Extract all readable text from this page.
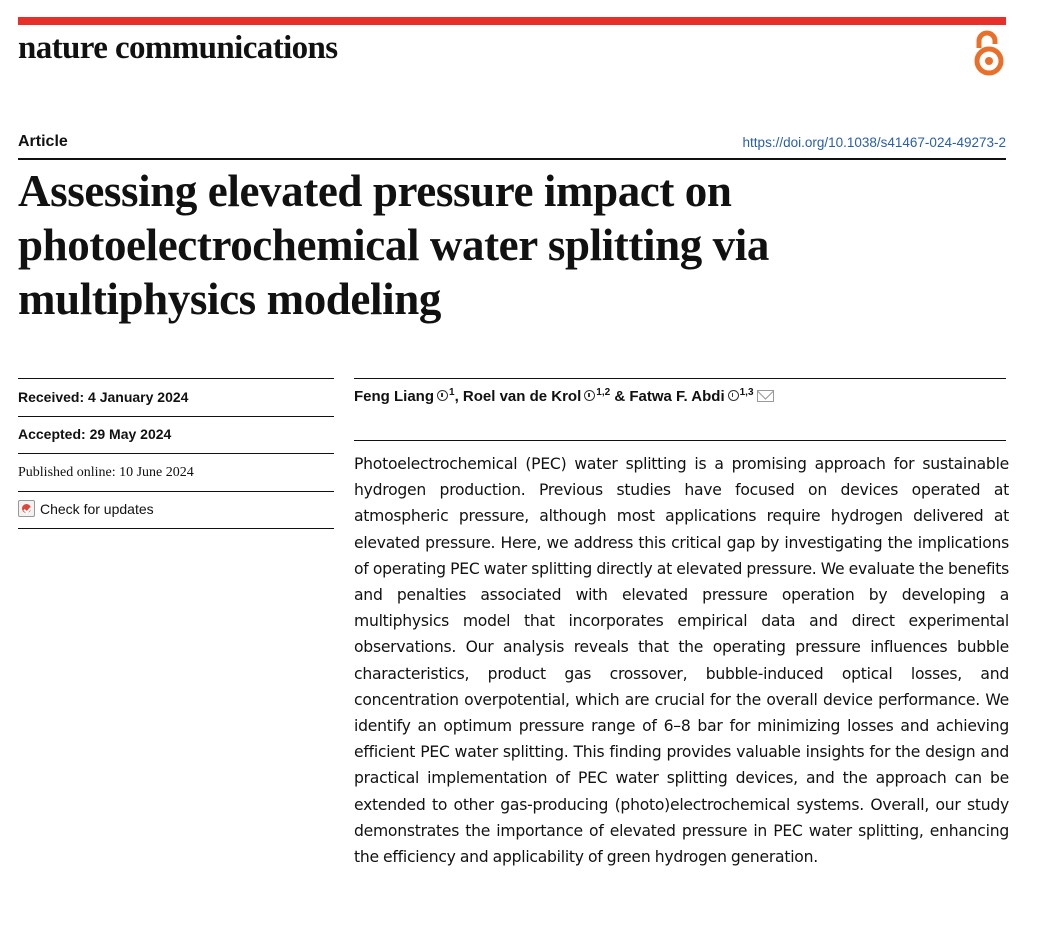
nature communications
Article	https://doi.org/10.1038/s41467-024-49273-2
Assessing elevated pressure impact on photoelectrochemical water splitting via multiphysics modeling
Received: 4 January 2024
Accepted: 29 May 2024
Published online: 10 June 2024
Check for updates
Feng Liang $^1$, Roel van de Krol $^{1,2}$ & Fatwa F. Abdi $^{1,3}$

Photoelectrochemical (PEC) water splitting is a promising approach for sustainable hydrogen production. Previous studies have focused on devices operated at atmospheric pressure, although most applications require hydrogen delivered at elevated pressure. Here, we address this critical gap by investigating the implications of operating PEC water splitting directly at elevated pressure. We evaluate the benefits and penalties associated with elevated pressure operation by developing a multiphysics model that incorporates empirical data and direct experimental observations. Our analysis reveals that the operating pressure influences bubble characteristics, product gas crossover, bubble-induced optical losses, and concentration overpotential, which are crucial for the overall device performance. We identify an optimum pressure range of 6–8 bar for minimizing losses and achieving efficient PEC water splitting. This finding provides valuable insights for the design and practical implementation of PEC water splitting devices, and the approach can be extended to other gas-producing (photo)electrochemical systems. Overall, our study demonstrates the importance of elevated pressure in PEC water splitting, enhancing the efficiency and applicability of green hydrogen generation.
